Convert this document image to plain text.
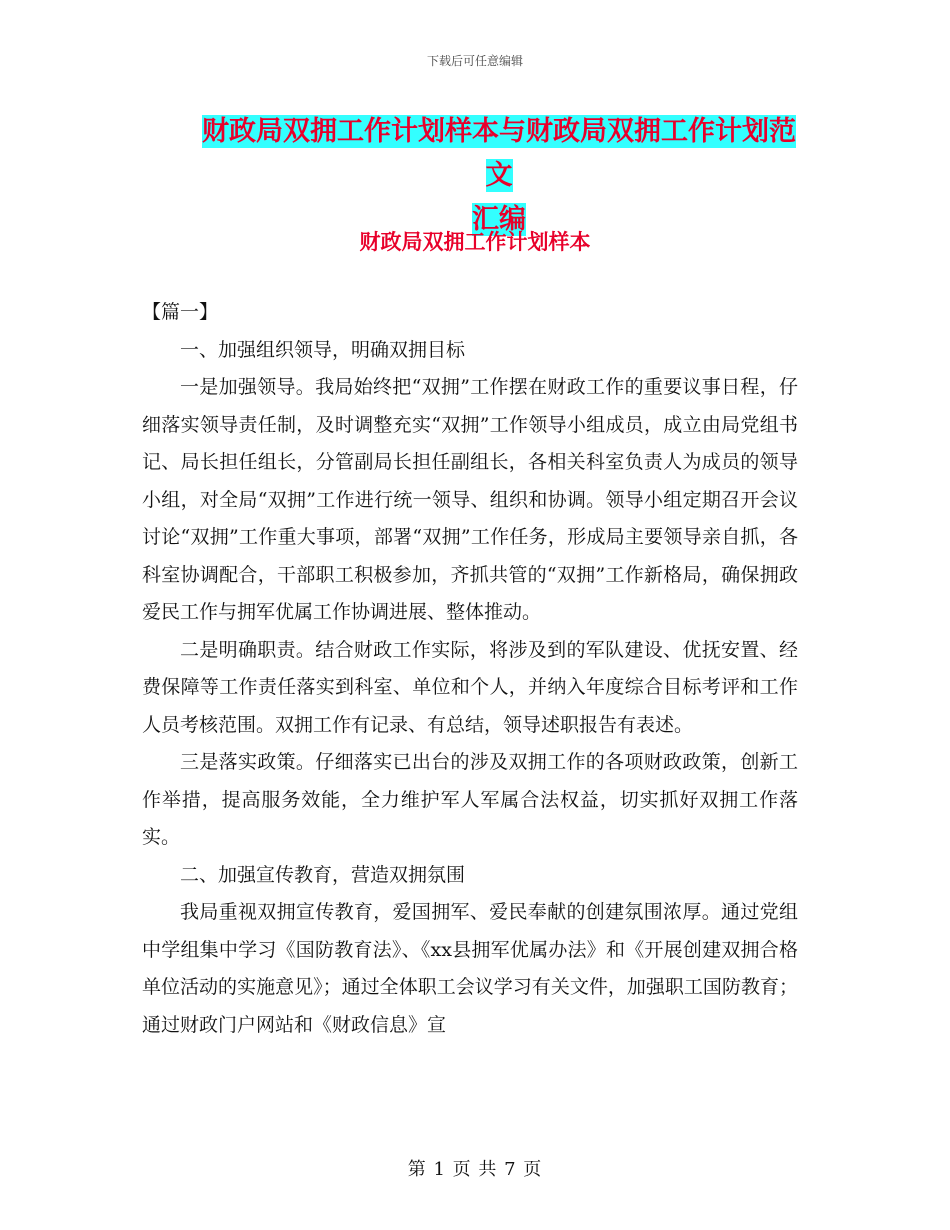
下载后可任意编辑
财政局双拥工作计划样本与财政局双拥工作计划范文
汇编
财政局双拥工作计划样本

【篇一】

一、加强组织领导，明确双拥目标

一是加强领导。我局始终把“双拥”工作摆在财政工作的重要议事日程，仔细落实领导责任制，及时调整充实“双拥”工作领导小组成员，成立由局党组书记、局长担任组长，分管副局长担任副组长，各相关科室负责人为成员的领导小组，对全局“双拥”工作进行统一领导、组织和协调。领导小组定期召开会议讨论“双拥”工作重大事项，部署“双拥”工作任务，形成局主要领导亲自抓，各科室协调配合，干部职工积极参加，齐抓共管的“双拥”工作新格局，确保拥政爱民工作与拥军优属工作协调进展、整体推动。

二是明确职责。结合财政工作实际，将涉及到的军队建设、优抚安置、经费保障等工作责任落实到科室、单位和个人，并纳入年度综合目标考评和工作人员考核范围。双拥工作有记录、有总结，领导述职报告有表述。

三是落实政策。仔细落实已出台的涉及双拥工作的各项财政政策，创新工作举措，提高服务效能，全力维护军人军属合法权益，切实抓好双拥工作落实。

二、加强宣传教育，营造双拥氛围

我局重视双拥宣传教育，爱国拥军、爱民奉献的创建氛围浓厚。通过党组中学组集中学习《国防教育法》、《xx县拥军优属办法》和《开展创建双拥合格单位活动的实施意见》；通过全体职工会议学习有关文件，加强职工国防教育；通过财政门户网站和《财政信息》宣

第 1 页 共 7 页
